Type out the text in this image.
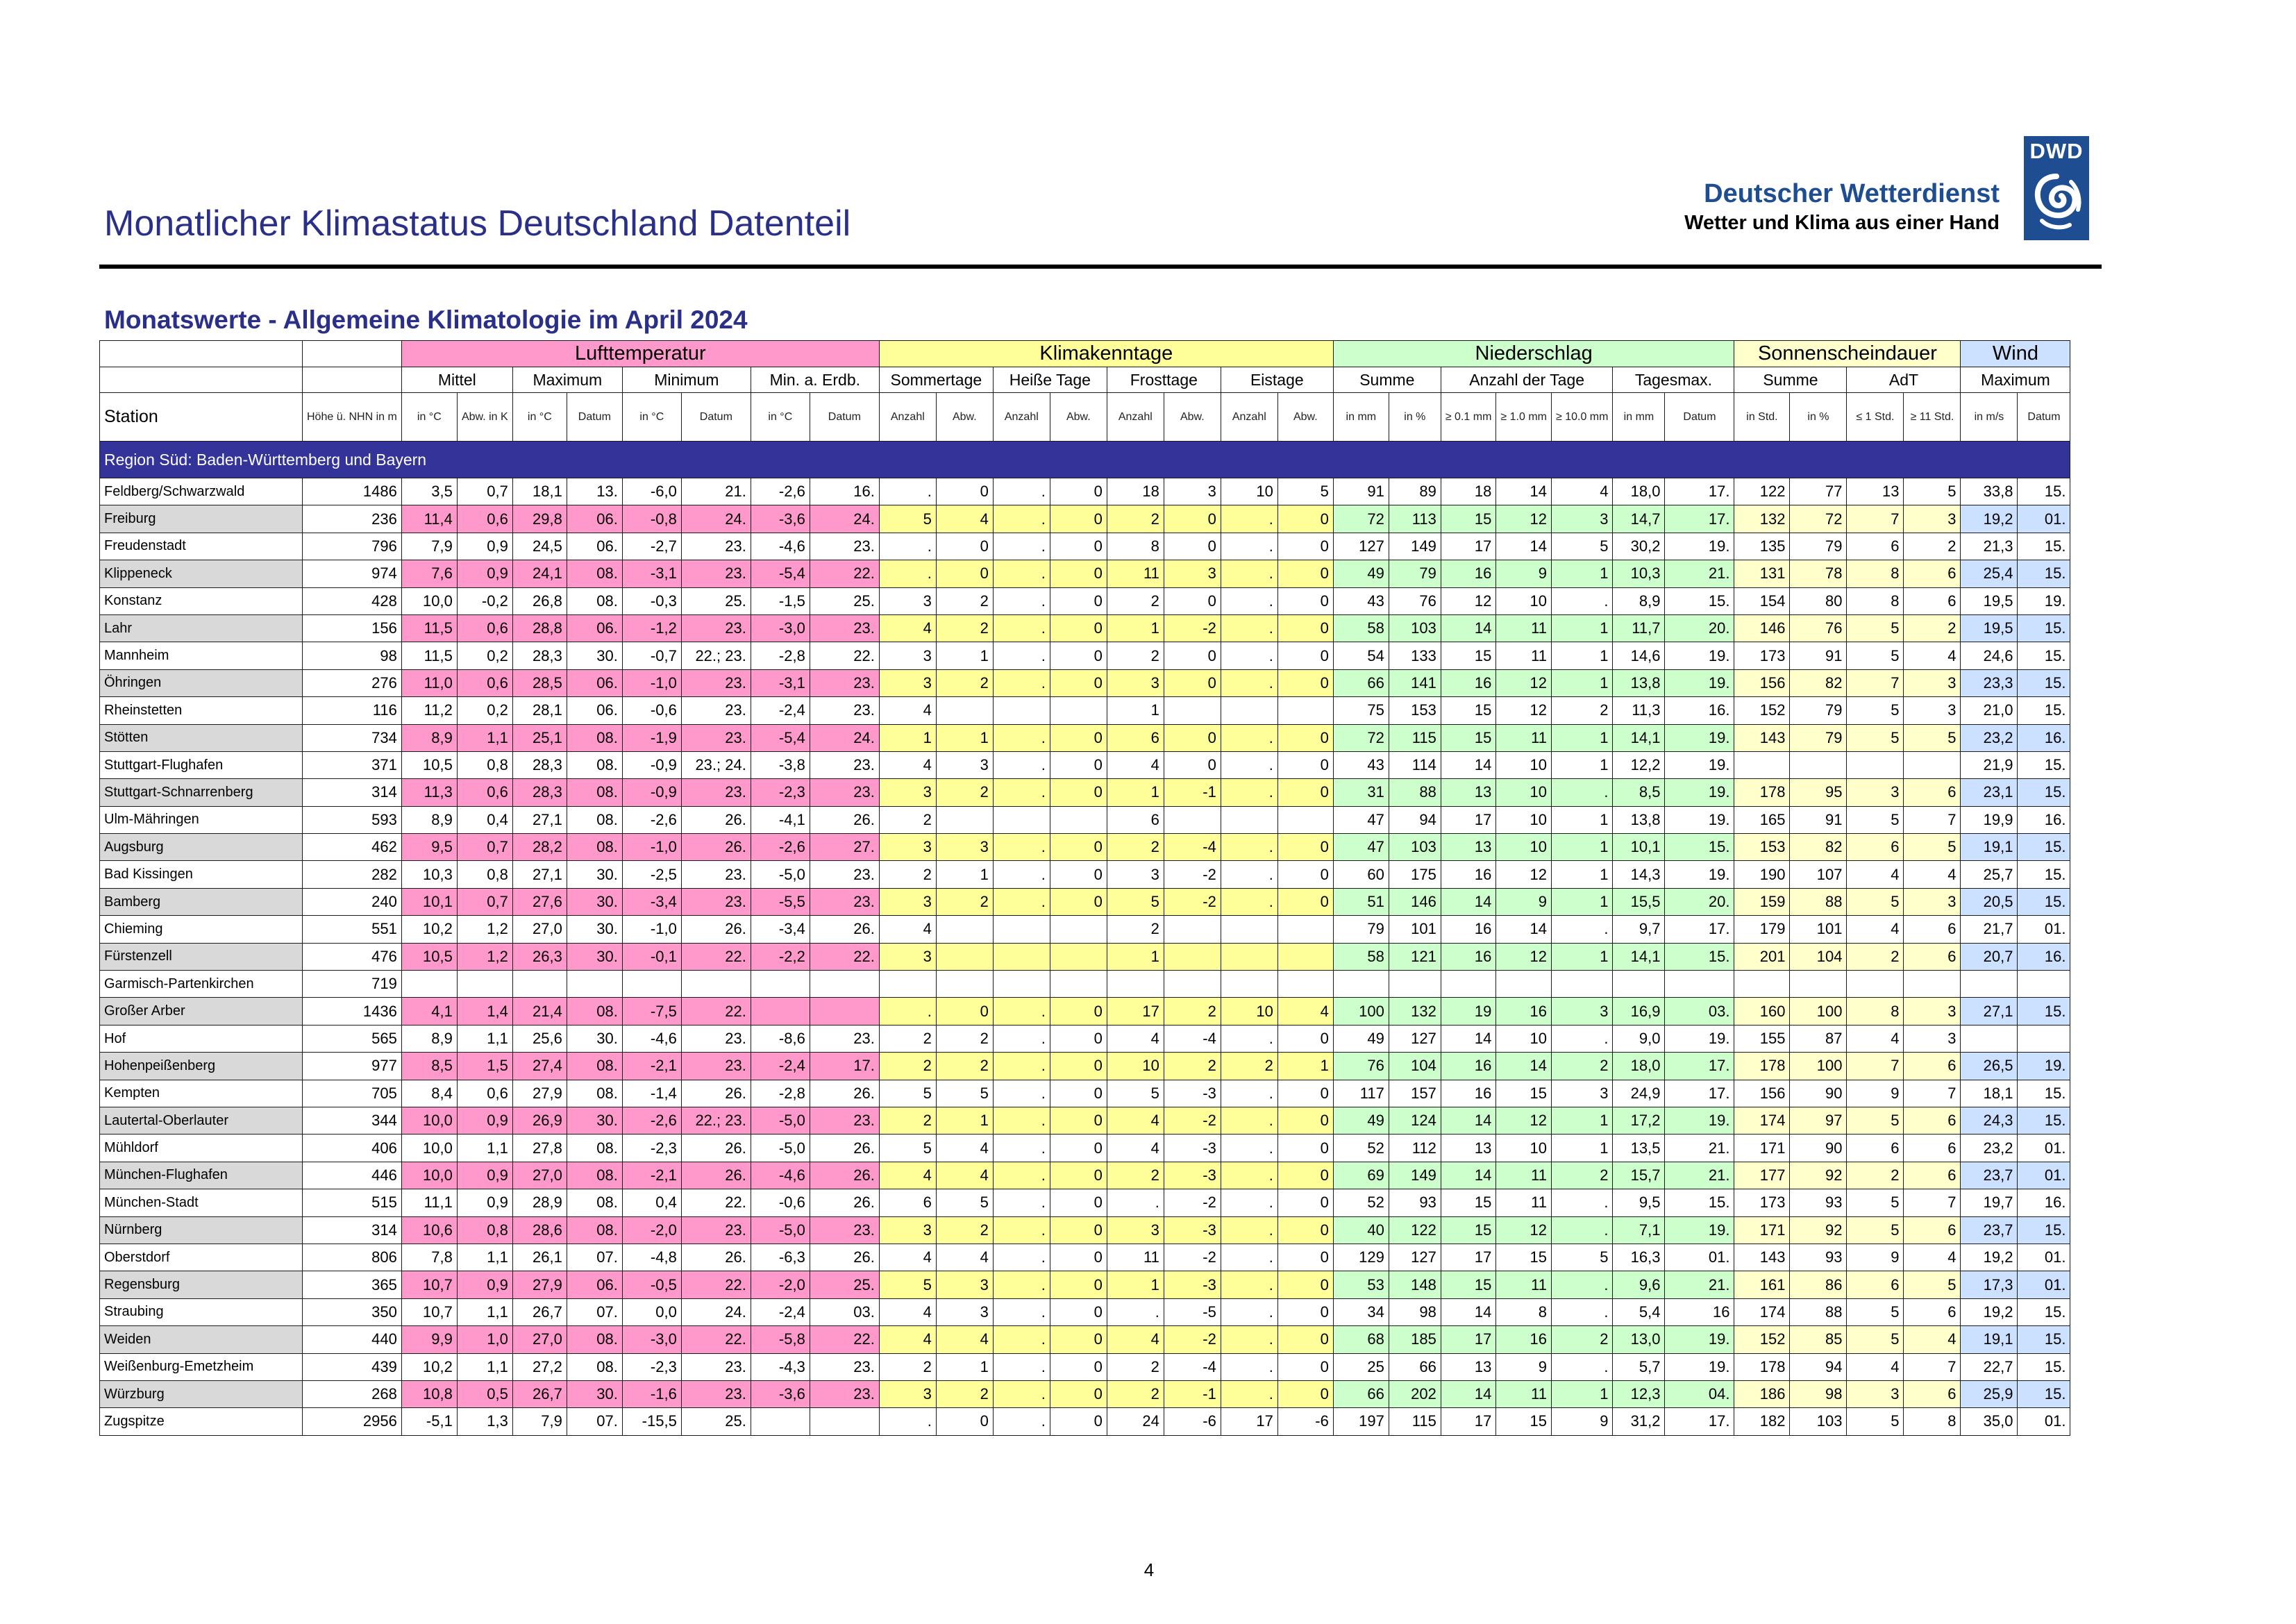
Monatlicher Klimastatus Deutschland Datenteil
Deutscher Wetterdienst
Wetter und Klima aus einer Hand
DWD
Monatswerte - Allgemeine Klimatologie im April 2024
		Lufttemperatur								Klimakenntage								Niederschlag							Sonnenscheindauer				Wind	
		Mittel		Maximum		Minimum		Min. a. Erdb.		Sommertage		Heiße Tage		Frosttage		Eistage		Summe		Anzahl der Tage			Tagesmax.		Summe		AdT		Maximum	
Station	Höhe ü. NHN in m	in °C	Abw. in K	in °C	Datum	in °C	Datum	in °C	Datum	Anzahl	Abw.	Anzahl	Abw.	Anzahl	Abw.	Anzahl	Abw.	in mm	in %	≥ 0.1 mm	≥ 1.0 mm	≥ 10.0 mm	in mm	Datum	in Std.	in %	≤ 1 Std.	≥ 11 Std.	in m/s	Datum
Region Süd: Baden-Württemberg und Bayern																														
Feldberg/Schwarzwald	1486	3,5	0,7	18,1	13.	-6,0	21.	-2,6	16.	.	0	.	0	18	3	10	5	91	89	18	14	4	18,0	17.	122	77	13	5	33,8	15.
Freiburg	236	11,4	0,6	29,8	06.	-0,8	24.	-3,6	24.	5	4	.	0	2	0	.	0	72	113	15	12	3	14,7	17.	132	72	7	3	19,2	01.
Freudenstadt	796	7,9	0,9	24,5	06.	-2,7	23.	-4,6	23.	.	0	.	0	8	0	.	0	127	149	17	14	5	30,2	19.	135	79	6	2	21,3	15.
Klippeneck	974	7,6	0,9	24,1	08.	-3,1	23.	-5,4	22.	.	0	.	0	11	3	.	0	49	79	16	9	1	10,3	21.	131	78	8	6	25,4	15.
Konstanz	428	10,0	-0,2	26,8	08.	-0,3	25.	-1,5	25.	3	2	.	0	2	0	.	0	43	76	12	10	.	8,9	15.	154	80	8	6	19,5	19.
Lahr	156	11,5	0,6	28,8	06.	-1,2	23.	-3,0	23.	4	2	.	0	1	-2	.	0	58	103	14	11	1	11,7	20.	146	76	5	2	19,5	15.
Mannheim	98	11,5	0,2	28,3	30.	-0,7	22.; 23.	-2,8	22.	3	1	.	0	2	0	.	0	54	133	15	11	1	14,6	19.	173	91	5	4	24,6	15.
Öhringen	276	11,0	0,6	28,5	06.	-1,0	23.	-3,1	23.	3	2	.	0	3	0	.	0	66	141	16	12	1	13,8	19.	156	82	7	3	23,3	15.
Rheinstetten	116	11,2	0,2	28,1	06.	-0,6	23.	-2,4	23.	4				1				75	153	15	12	2	11,3	16.	152	79	5	3	21,0	15.
Stötten	734	8,9	1,1	25,1	08.	-1,9	23.	-5,4	24.	1	1	.	0	6	0	.	0	72	115	15	11	1	14,1	19.	143	79	5	5	23,2	16.
Stuttgart-Flughafen	371	10,5	0,8	28,3	08.	-0,9	23.; 24.	-3,8	23.	4	3	.	0	4	0	.	0	43	114	14	10	1	12,2	19.					21,9	15.
Stuttgart-Schnarrenberg	314	11,3	0,6	28,3	08.	-0,9	23.	-2,3	23.	3	2	.	0	1	-1	.	0	31	88	13	10	.	8,5	19.	178	95	3	6	23,1	15.
Ulm-Mähringen	593	8,9	0,4	27,1	08.	-2,6	26.	-4,1	26.	2				6				47	94	17	10	1	13,8	19.	165	91	5	7	19,9	16.
Augsburg	462	9,5	0,7	28,2	08.	-1,0	26.	-2,6	27.	3	3	.	0	2	-4	.	0	47	103	13	10	1	10,1	15.	153	82	6	5	19,1	15.
Bad Kissingen	282	10,3	0,8	27,1	30.	-2,5	23.	-5,0	23.	2	1	.	0	3	-2	.	0	60	175	16	12	1	14,3	19.	190	107	4	4	25,7	15.
Bamberg	240	10,1	0,7	27,6	30.	-3,4	23.	-5,5	23.	3	2	.	0	5	-2	.	0	51	146	14	9	1	15,5	20.	159	88	5	3	20,5	15.
Chieming	551	10,2	1,2	27,0	30.	-1,0	26.	-3,4	26.	4				2				79	101	16	14	.	9,7	17.	179	101	4	6	21,7	01.
Fürstenzell	476	10,5	1,2	26,3	30.	-0,1	22.	-2,2	22.	3				1				58	121	16	12	1	14,1	15.	201	104	2	6	20,7	16.
Garmisch-Partenkirchen	719																													
Großer Arber	1436	4,1	1,4	21,4	08.	-7,5	22.			.	0	.	0	17	2	10	4	100	132	19	16	3	16,9	03.	160	100	8	3	27,1	15.
Hof	565	8,9	1,1	25,6	30.	-4,6	23.	-8,6	23.	2	2	.	0	4	-4	.	0	49	127	14	10	.	9,0	19.	155	87	4	3		
Hohenpeißenberg	977	8,5	1,5	27,4	08.	-2,1	23.	-2,4	17.	2	2	.	0	10	2	2	1	76	104	16	14	2	18,0	17.	178	100	7	6	26,5	19.
Kempten	705	8,4	0,6	27,9	08.	-1,4	26.	-2,8	26.	5	5	.	0	5	-3	.	0	117	157	16	15	3	24,9	17.	156	90	9	7	18,1	15.
Lautertal-Oberlauter	344	10,0	0,9	26,9	30.	-2,6	22.; 23.	-5,0	23.	2	1	.	0	4	-2	.	0	49	124	14	12	1	17,2	19.	174	97	5	6	24,3	15.
Mühldorf	406	10,0	1,1	27,8	08.	-2,3	26.	-5,0	26.	5	4	.	0	4	-3	.	0	52	112	13	10	1	13,5	21.	171	90	6	6	23,2	01.
München-Flughafen	446	10,0	0,9	27,0	08.	-2,1	26.	-4,6	26.	4	4	.	0	2	-3	.	0	69	149	14	11	2	15,7	21.	177	92	2	6	23,7	01.
München-Stadt	515	11,1	0,9	28,9	08.	0,4	22.	-0,6	26.	6	5	.	0	.	-2	.	0	52	93	15	11	.	9,5	15.	173	93	5	7	19,7	16.
Nürnberg	314	10,6	0,8	28,6	08.	-2,0	23.	-5,0	23.	3	2	.	0	3	-3	.	0	40	122	15	12	.	7,1	19.	171	92	5	6	23,7	15.
Oberstdorf	806	7,8	1,1	26,1	07.	-4,8	26.	-6,3	26.	4	4	.	0	11	-2	.	0	129	127	17	15	5	16,3	01.	143	93	9	4	19,2	01.
Regensburg	365	10,7	0,9	27,9	06.	-0,5	22.	-2,0	25.	5	3	.	0	1	-3	.	0	53	148	15	11	.	9,6	21.	161	86	6	5	17,3	01.
Straubing	350	10,7	1,1	26,7	07.	0,0	24.	-2,4	03.	4	3	.	0	.	-5	.	0	34	98	14	8	.	5,4	16	174	88	5	6	19,2	15.
Weiden	440	9,9	1,0	27,0	08.	-3,0	22.	-5,8	22.	4	4	.	0	4	-2	.	0	68	185	17	16	2	13,0	19.	152	85	5	4	19,1	15.
Weißenburg-Emetzheim	439	10,2	1,1	27,2	08.	-2,3	23.	-4,3	23.	2	1	.	0	2	-4	.	0	25	66	13	9	.	5,7	19.	178	94	4	7	22,7	15.
Würzburg	268	10,8	0,5	26,7	30.	-1,6	23.	-3,6	23.	3	2	.	0	2	-1	.	0	66	202	14	11	1	12,3	04.	186	98	3	6	25,9	15.
Zugspitze	2956	-5,1	1,3	7,9	07.	-15,5	25.			.	0	.	0	24	-6	17	-6	197	115	17	15	9	31,2	17.	182	103	5	8	35,0	01.
4
